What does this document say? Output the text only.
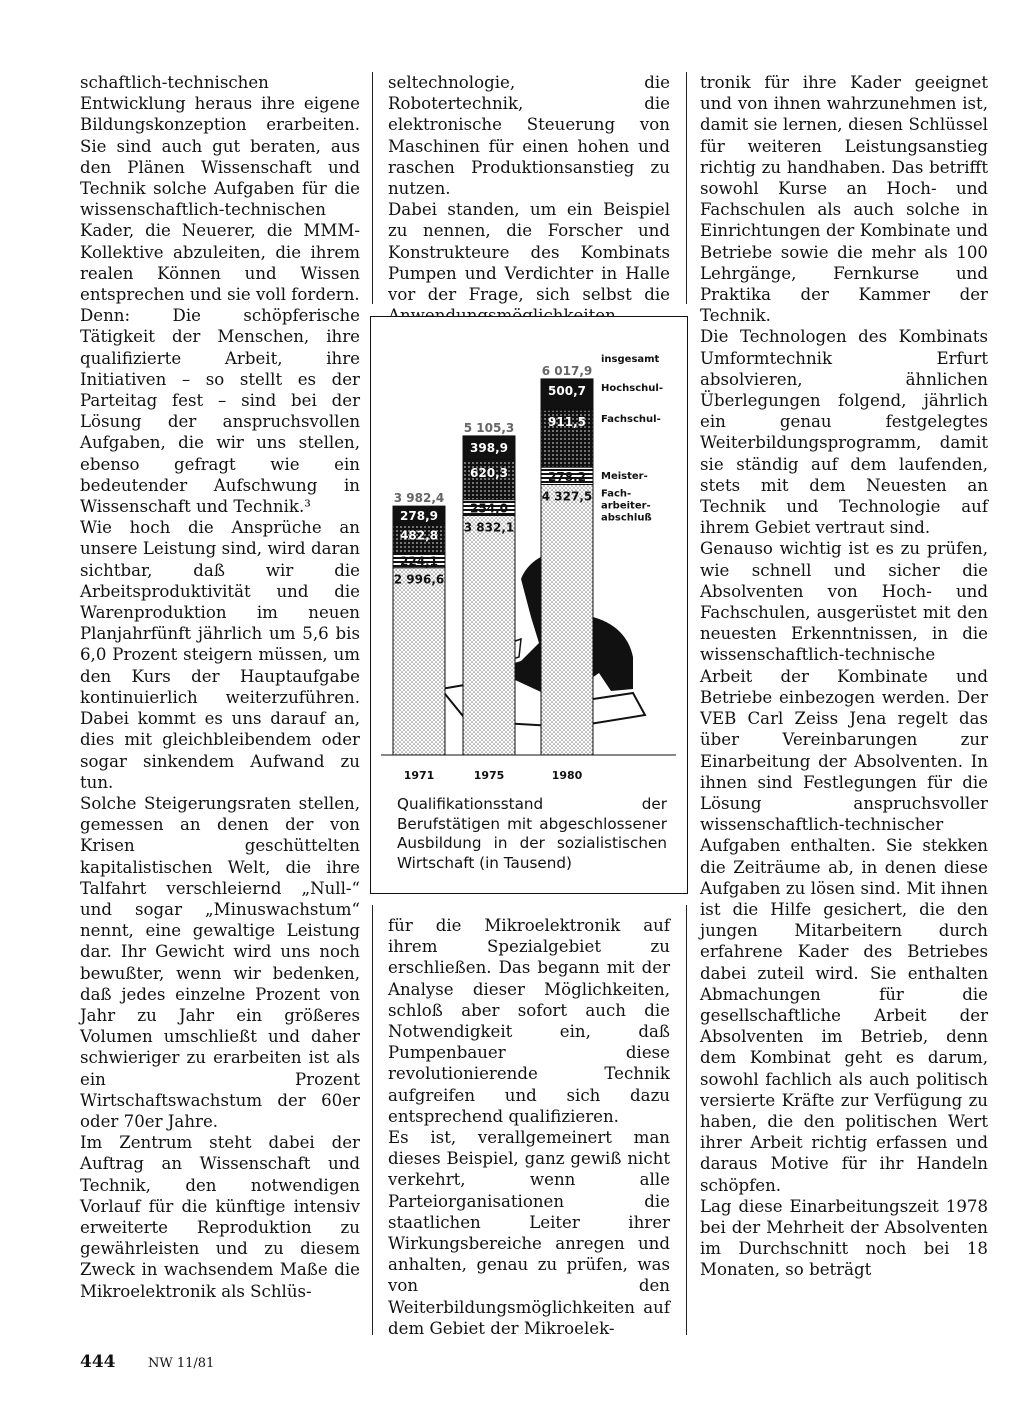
schaftlich-technischen Entwicklung heraus ihre eigene Bildungskonzeption erarbeiten. Sie sind auch gut beraten, aus den Plänen Wissenschaft und Technik solche Aufgaben für die wissenschaftlich-technischen Kader, die Neuerer, die MMM-Kollektive abzuleiten, die ihrem realen Können und Wissen entsprechen und sie voll fordern.

Denn: Die schöpferische Tätigkeit der Menschen, ihre qualifizierte Arbeit, ihre Initiativen – so stellt es der Parteitag fest – sind bei der Lösung der anspruchsvollen Aufgaben, die wir uns stellen, ebenso gefragt wie ein bedeutender Aufschwung in Wissenschaft und Technik.³

Wie hoch die Ansprüche an unsere Leistung sind, wird daran sichtbar, daß wir die Arbeitsproduktivität und die Warenproduktion im neuen Planjahrfünft jährlich um 5,6 bis 6,0 Prozent steigern müssen, um den Kurs der Hauptaufgabe kontinuierlich weiterzuführen. Dabei kommt es uns darauf an, dies mit gleichbleibendem oder sogar sinkendem Aufwand zu tun.

Solche Steigerungsraten stellen, gemessen an denen der von Krisen geschüttelten kapitalistischen Welt, die ihre Talfahrt verschleiernd „Null-“ und sogar „Minuswachstum“ nennt, eine gewaltige Leistung dar. Ihr Gewicht wird uns noch bewußter, wenn wir bedenken, daß jedes einzelne Prozent von Jahr zu Jahr ein größeres Volumen umschließt und daher schwieriger zu erarbeiten ist als ein Prozent Wirtschaftswachstum der 60er oder 70er Jahre.

Im Zentrum steht dabei der Auftrag an Wissenschaft und Technik, den notwendigen Vorlauf für die künftige intensiv erweiterte Reproduktion zu gewährleisten und zu diesem Zweck in wachsendem Maße die Mikroelektronik als Schlüs-

seltechnologie, die Robotertechnik, die elektronische Steuerung von Maschinen für einen hohen und raschen Produktionsanstieg zu nutzen.

Dabei standen, um ein Beispiel zu nennen, die Forscher und Konstrukteure des Kombinats Pumpen und Verdichter in Halle vor der Frage, sich selbst die

2 996,6
224,1
482,8
278,9
3 982,4
1971
3 832,1
254,0
620,3
398,9
5 105,3
1975
4 327,5
278,2
911,5
500,7
6 017,9
1980
insgesamt
Fach-
arbeiter-
abschluß
Meister-
Fachschul-
Hochschul-
Qualifikationsstand der Berufstätigen mit abgeschlossener Ausbildung in der sozialistischen Wirtschaft (in Tausend)

für die Mikroelektronik auf ihrem Spezialgebiet zu erschließen. Das begann mit der Analyse dieser Möglichkeiten, schloß aber sofort auch die Notwendigkeit ein, daß Pumpenbauer diese revolutionierende Technik aufgreifen und sich dazu entsprechend qualifizieren.

Es ist, verallgemeinert man dieses Beispiel, ganz gewiß nicht verkehrt, wenn alle Parteiorganisationen die staatlichen Leiter ihrer Wirkungsbereiche anregen und anhalten, genau zu prüfen, was von den Weiterbildungsmöglichkeiten auf dem Gebiet der Mikroelek-

tronik für ihre Kader geeignet und von ihnen wahrzunehmen ist, damit sie lernen, diesen Schlüssel für weiteren Leistungsanstieg richtig zu handhaben. Das betrifft sowohl Kurse an Hoch- und Fachschulen als auch solche in Einrichtungen der Kombinate und Betriebe sowie die mehr als 100 Lehrgänge, Fernkurse und Praktika der Kammer der Technik.

Die Technologen des Kombinats Umformtechnik Erfurt absolvieren, ähnlichen Überlegungen folgend, jährlich ein genau festgelegtes Weiterbildungsprogramm, damit sie ständig auf dem laufenden, stets mit dem Neuesten an Technik und Technologie auf ihrem Gebiet vertraut sind.

Genauso wichtig ist es zu prüfen, wie schnell und sicher die Absolventen von Hoch- und Fachschulen, ausgerüstet mit den neuesten Erkenntnissen, in die wissenschaftlich-technische Arbeit der Kombinate und Betriebe einbezogen werden. Der VEB Carl Zeiss Jena regelt das über Vereinbarungen zur Einarbeitung der Absolventen. In ihnen sind Festlegungen für die Lösung anspruchsvoller wissenschaftlich-technischer Aufgaben enthalten. Sie stekken die Zeiträume ab, in denen diese Aufgaben zu lösen sind. Mit ihnen ist die Hilfe gesichert, die den jungen Mitarbeitern durch erfahrene Kader des Betriebes dabei zuteil wird. Sie enthalten Abmachungen für die gesellschaftliche Arbeit der Absolventen im Betrieb, denn dem Kombinat geht es darum, sowohl fachlich als auch politisch versierte Kräfte zur Verfügung zu haben, die den politischen Wert ihrer Arbeit richtig erfassen und daraus Motive für ihr Handeln schöpfen.

Lag diese Einarbeitungszeit 1978 bei der Mehrheit der Absolventen im Durchschnitt noch bei 18 Monaten, so beträgt

444	NW 11/81
